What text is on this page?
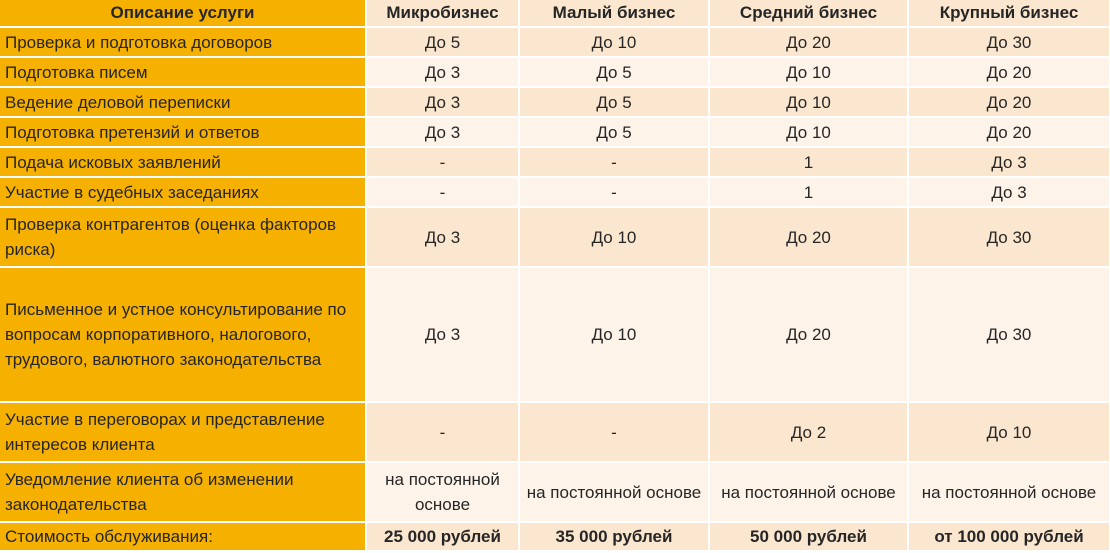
Описание услуги	Микробизнес	Малый бизнес	Средний бизнес	Крупный бизнес
Проверка и подготовка договоров	До 5	До 10	До 20	До 30
Подготовка писем	До 3	До 5	До 10	До 20
Ведение деловой переписки	До 3	До 5	До 10	До 20
Подготовка претензий и ответов	До 3	До 5	До 10	До 20
Подача исковых заявлений	-	-	1	До 3
Участие в судебных заседаниях	-	-	1	До 3
Проверка контрагентов (оценка факторов риска)	До 3	До 10	До 20	До 30
Письменное и устное консультирование по вопросам корпоративного, налогового, трудового, валютного законодательства	До 3	До 10	До 20	До 30
Участие в переговорах и представление интересов клиента	-	-	До 2	До 10
Уведомление клиента об изменении законодательства	на постоянной основе	на постоянной основе	на постоянной основе	на постоянной основе
Стоимость обслуживания:	25 000 рублей	35 000 рублей	50 000 рублей	от 100 000 рублей
